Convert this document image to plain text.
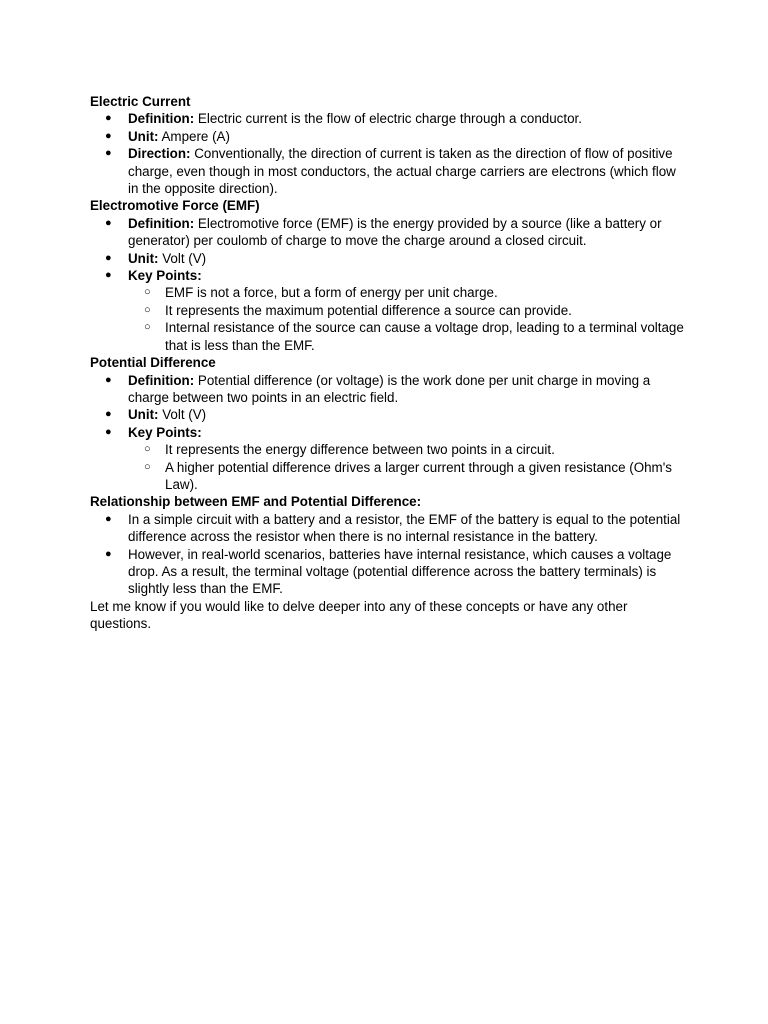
Electric Current
● Definition: Electric current is the flow of electric charge through a conductor.
● Unit: Ampere (A)
● Direction: Conventionally, the direction of current is taken as the direction of flow of positive charge, even though in most conductors, the actual charge carriers are electrons (which flow in the opposite direction).
Electromotive Force (EMF)
● Definition: Electromotive force (EMF) is the energy provided by a source (like a battery or generator) per coulomb of charge to move the charge around a closed circuit.
● Unit: Volt (V)
● Key Points:
○ EMF is not a force, but a form of energy per unit charge.
○ It represents the maximum potential difference a source can provide.
○ Internal resistance of the source can cause a voltage drop, leading to a terminal voltage that is less than the EMF.
Potential Difference
● Definition: Potential difference (or voltage) is the work done per unit charge in moving a charge between two points in an electric field.
● Unit: Volt (V)
● Key Points:
○ It represents the energy difference between two points in a circuit.
○ A higher potential difference drives a larger current through a given resistance (Ohm's Law).
Relationship between EMF and Potential Difference:
● In a simple circuit with a battery and a resistor, the EMF of the battery is equal to the potential difference across the resistor when there is no internal resistance in the battery.
● However, in real-world scenarios, batteries have internal resistance, which causes a voltage drop. As a result, the terminal voltage (potential difference across the battery terminals) is slightly less than the EMF.

Let me know if you would like to delve deeper into any of these concepts or have any other questions.
